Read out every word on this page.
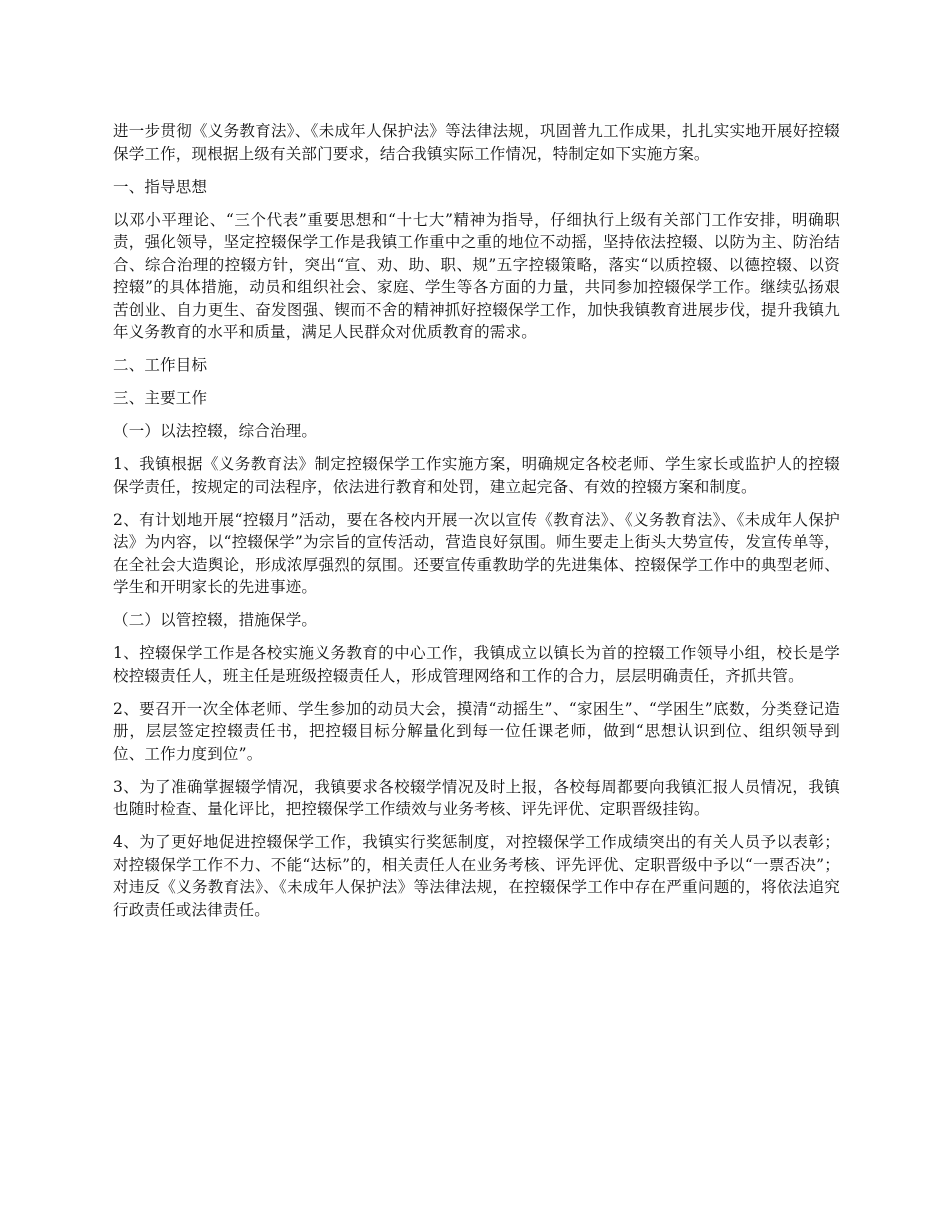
进一步贯彻《义务教育法》、《未成年人保护法》等法律法规，巩固普九工作成果，扎扎实实地开展好控辍保学工作，现根据上级有关部门要求，结合我镇实际工作情况，特制定如下实施方案。

一、指导思想

以邓小平理论、“三个代表”重要思想和“十七大”精神为指导，仔细执行上级有关部门工作安排，明确职责，强化领导，坚定控辍保学工作是我镇工作重中之重的地位不动摇，坚持依法控辍、以防为主、防治结合、综合治理的控辍方针，突出“宣、劝、助、职、规”五字控辍策略，落实“以质控辍、以德控辍、以资控辍”的具体措施，动员和组织社会、家庭、学生等各方面的力量，共同参加控辍保学工作。继续弘扬艰苦创业、自力更生、奋发图强、锲而不舍的精神抓好控辍保学工作，加快我镇教育进展步伐，提升我镇九年义务教育的水平和质量，满足人民群众对优质教育的需求。

二、工作目标

三、主要工作

（一）以法控辍，综合治理。

1、我镇根据《义务教育法》制定控辍保学工作实施方案，明确规定各校老师、学生家长或监护人的控辍保学责任，按规定的司法程序，依法进行教育和处罚，建立起完备、有效的控辍方案和制度。

2、有计划地开展“控辍月”活动，要在各校内开展一次以宣传《教育法》、《义务教育法》、《未成年人保护法》为内容，以“控辍保学”为宗旨的宣传活动，营造良好氛围。师生要走上街头大势宣传，发宣传单等，在全社会大造舆论，形成浓厚强烈的氛围。还要宣传重教助学的先进集体、控辍保学工作中的典型老师、学生和开明家长的先进事迹。

（二）以管控辍，措施保学。

1、控辍保学工作是各校实施义务教育的中心工作，我镇成立以镇长为首的控辍工作领导小组，校长是学校控辍责任人，班主任是班级控辍责任人，形成管理网络和工作的合力，层层明确责任，齐抓共管。

2、要召开一次全体老师、学生参加的动员大会，摸清“动摇生”、“家困生”、“学困生”底数，分类登记造册，层层签定控辍责任书，把控辍目标分解量化到每一位任课老师，做到“思想认识到位、组织领导到位、工作力度到位”。

3、为了准确掌握辍学情况，我镇要求各校辍学情况及时上报，各校每周都要向我镇汇报人员情况，我镇也随时检查、量化评比，把控辍保学工作绩效与业务考核、评先评优、定职晋级挂钩。

4、为了更好地促进控辍保学工作，我镇实行奖惩制度，对控辍保学工作成绩突出的有关人员予以表彰；对控辍保学工作不力、不能“达标”的，相关责任人在业务考核、评先评优、定职晋级中予以“一票否决”；对违反《义务教育法》、《未成年人保护法》等法律法规，在控辍保学工作中存在严重问题的，将依法追究行政责任或法律责任。
